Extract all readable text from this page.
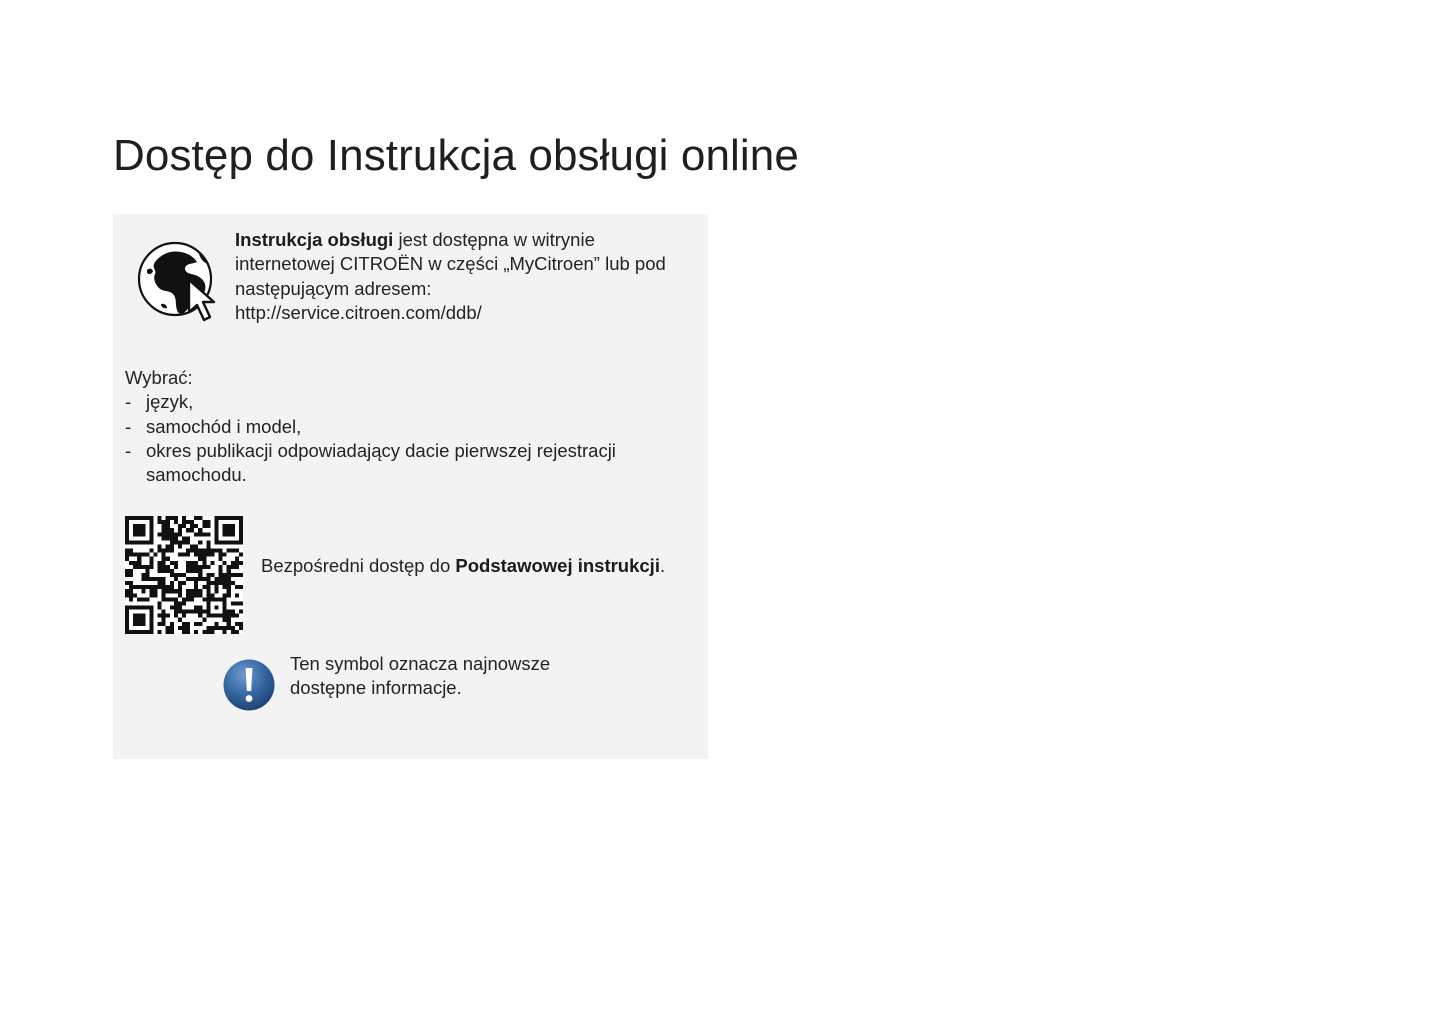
Dostęp do Instrukcja obsługi online

Instrukcja obsługi jest dostępna w witrynie internetowej CITROËN w części „MyCitroen” lub pod następującym adresem:

http://service.citroen.com/ddb/

Wybrać:
- język,
- samochód i model,
- okres publikacji odpowiadający dacie pierwszej rejestracji samochodu.
Bezpośredni dostęp do Podstawowej instrukcji.
Ten symbol oznacza najnowsze dostępne informacje.
